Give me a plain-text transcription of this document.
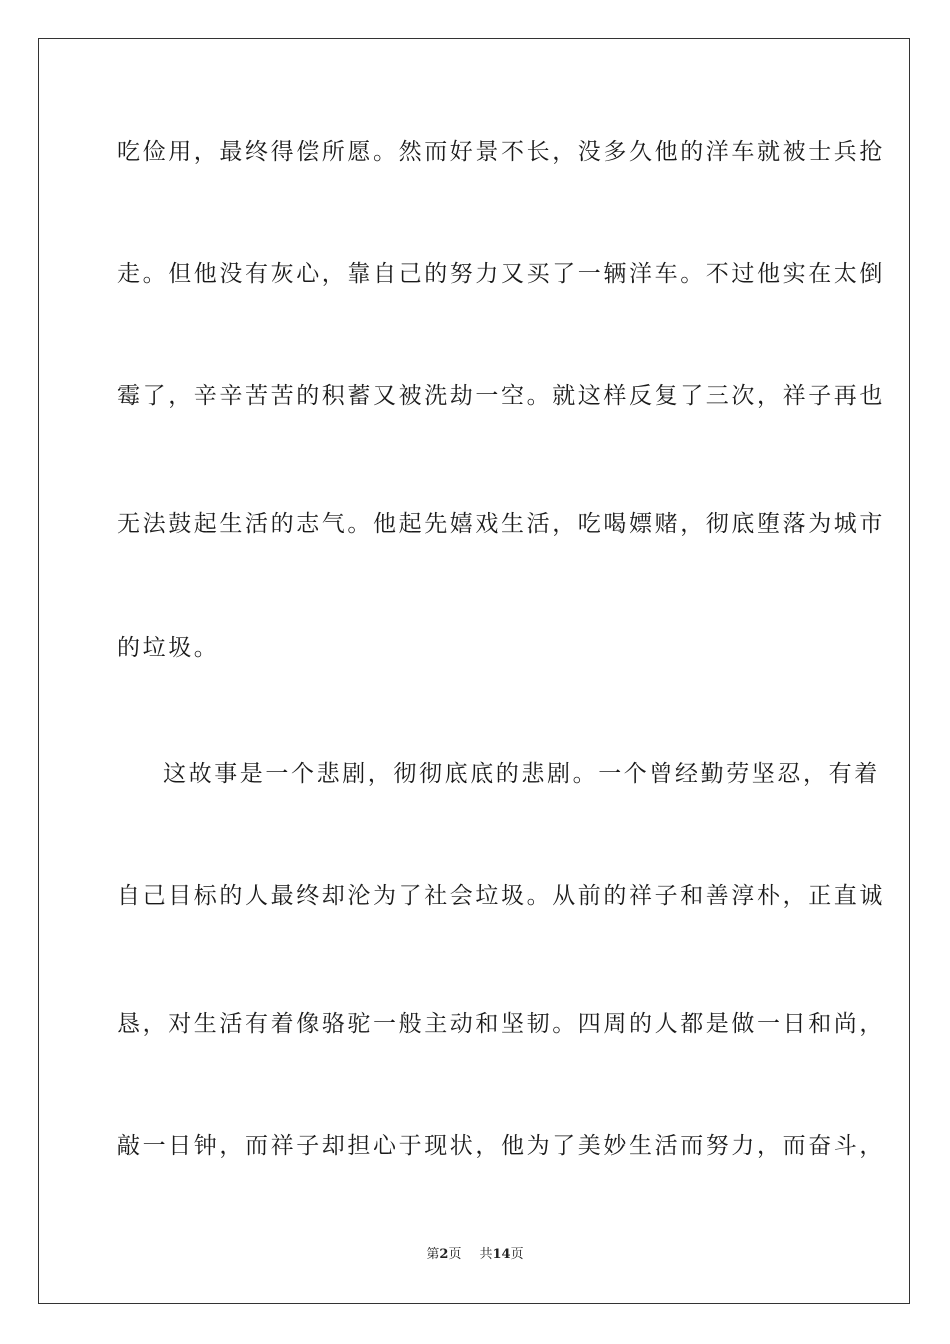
吃俭用，最终得偿所愿。然而好景不长，没多久他的洋车就被士兵抢
走。但他没有灰心，靠自己的努力又买了一辆洋车。不过他实在太倒
霉了，辛辛苦苦的积蓄又被洗劫一空。就这样反复了三次，祥子再也
无法鼓起生活的志气。他起先嬉戏生活，吃喝嫖赌，彻底堕落为城市
的垃圾。
这故事是一个悲剧，彻彻底底的悲剧。一个曾经勤劳坚忍，有着
自己目标的人最终却沦为了社会垃圾。从前的祥子和善淳朴，正直诚
恳，对生活有着像骆驼一般主动和坚韧。四周的人都是做一日和尚，
敲一日钟，而祥子却担心于现状，他为了美妙生活而努力，而奋斗，
第2页 共14页
